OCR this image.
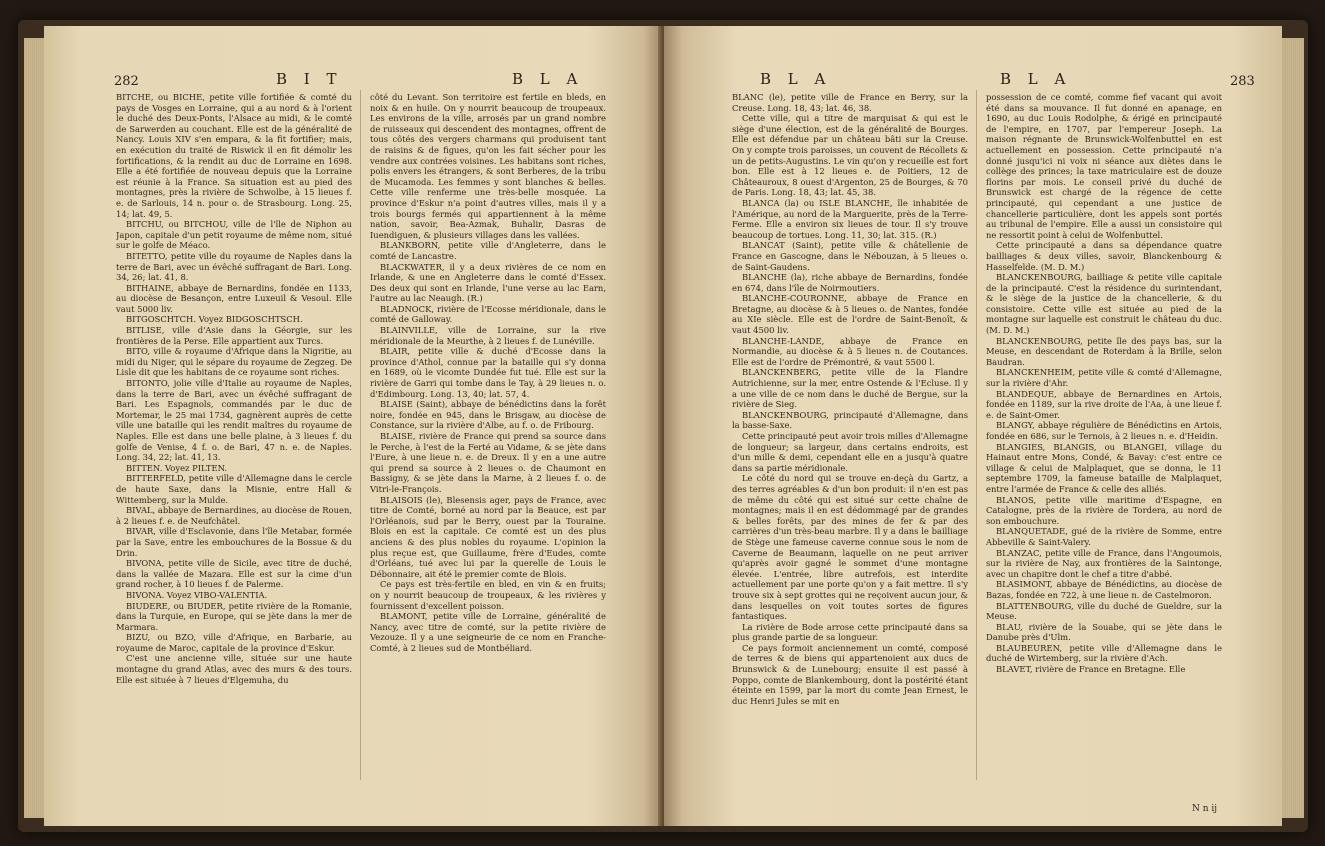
282	B I T	B L A

BITCHE, ou BICHE, petite ville fortifiée & comté du pays de Vosges en Lorraine, qui a au nord & à l'orient le duché des Deux-Ponts, l'Alsace au midi, & le comté de Sarwerden au couchant. Elle est de la généralité de Nancy. Louis XIV s'en empara, & la fit fortifier; mais, en exécution du traité de Riswick il en fit démolir les fortifications, & la rendit au duc de Lorraine en 1698. Elle a été fortifiée de nouveau depuis que la Lorraine est réunie à la France. Sa situation est au pied des montagnes, près la rivière de Schwolbe, à 15 lieues f. e. de Sarlouis, 14 n. pour o. de Strasbourg. Long. 25, 14; lat. 49, 5.

BITCHU, ou BITCHOU, ville de l'île de Niphon au Japon, capitale d'un petit royaume de même nom, situé sur le golfe de Méaco.

BITETTO, petite ville du royaume de Naples dans la terre de Bari, avec un évêché suffragant de Bari. Long. 34, 26; lat. 41, 8.

BITHAINE, abbaye de Bernardins, fondée en 1133, au diocèse de Besançon, entre Luxeuil & Vesoul. Elle vaut 5000 liv.

BITGOSCHTCH. Voyez BIDGOSCHTSCH.

BITLISE, ville d'Asie dans la Géorgie, sur les frontières de la Perse. Elle appartient aux Turcs.

BITO, ville & royaume d'Afrique dans la Nigritie, au midi du Niger, qui le sépare du royaume de Zegzeg. De Lisle dit que les habitans de ce royaume sont riches.

BITONTO, jolie ville d'Italie au royaume de Naples, dans la terre de Bari, avec un évêché suffragant de Bari. Les Espagnols, commandés par le duc de Mortemar, le 25 mai 1734, gagnèrent auprès de cette ville une bataille qui les rendit maîtres du royaume de Naples. Elle est dans une belle plaine, à 3 lieues f. du golfe de Venise, 4 f. o. de Bari, 47 n. e. de Naples. Long. 34, 22; lat. 41, 13.

BITTEN. Voyez PILTEN.

BITTERFELD, petite ville d'Allemagne dans le cercle de haute Saxe, dans la Misnie, entre Hall & Wittemberg, sur la Mulde.

BIVAL, abbaye de Bernardines, au diocèse de Rouen, à 2 lieues f. e. de Neufchâtel.

BIVAR, ville d'Esclavonie, dans l'île Metabar, formée par la Save, entre les embouchures de la Bossue & du Drin.

BIVONA, petite ville de Sicile, avec titre de duché, dans la vallée de Mazara. Elle est sur la cime d'un grand rocher, à 10 lieues f. de Palerme.

BIVONA. Voyez VIBO-VALENTIA.

BIUDERE, ou BIUDER, petite rivière de la Romanie, dans la Turquie, en Europe, qui se jète dans la mer de Marmara.

BIZU, ou BZO, ville d'Afrique, en Barbarie, au royaume de Maroc, capitale de la province d'Eskur.

C'est une ancienne ville, située sur une haute montagne du grand Atlas, avec des murs & des tours. Elle est située à 7 lieues d'Elgemuha, du

côté du Levant. Son territoire est fertile en bleds, en noix & en huile. On y nourrit beaucoup de troupeaux. Les environs de la ville, arrosés par un grand nombre de ruisseaux qui descendent des montagnes, offrent de tous côtés des vergers charmans qui produisent tant de raisins & de figues, qu'on les fait sécher pour les vendre aux contrées voisines. Les habitans sont riches, polis envers les étrangers, & sont Berberes, de la tribu de Mucamoda. Les femmes y sont blanches & belles. Cette ville renferme une très-belle mosquée. La province d'Eskur n'a point d'autres villes, mais il y a trois bourgs fermés qui appartiennent à la même nation, savoir, Bea-Azmak, Buhalir, Dasras de Iuendiguen, & plusieurs villages dans les vallées.

BLANKBORN, petite ville d'Angleterre, dans le comté de Lancastre.

BLACKWATER, il y a deux rivières de ce nom en Irlande, & une en Angleterre dans le comté d'Essex. Des deux qui sont en Irlande, l'une verse au lac Earn, l'autre au lac Neaugh. (R.)

BLADNOCK, rivière de l'Ecosse méridionale, dans le comté de Galloway.

BLAINVILLE, ville de Lorraine, sur la rive méridionale de la Meurthe, à 2 lieues f. de Lunéville.

BLAIR, petite ville & duché d'Ecosse dans la province d'Athol, connue par la bataille qui s'y donna en 1689, où le vicomte Dundée fut tué. Elle est sur la rivière de Garri qui tombe dans le Tay, à 29 lieues n. o. d'Edimbourg. Long. 13, 40; lat. 57, 4.

BLAISE (Saint), abbaye de bénédictins dans la forêt noire, fondée en 945, dans le Brisgaw, au diocèse de Constance, sur la rivière d'Albe, au f. o. de Fribourg.

BLAISE, rivière de France qui prend sa source dans le Perche, à l'est de la Ferté au Vidame, & se jète dans l'Eure, à une lieue n. e. de Dreux. Il y en a une autre qui prend sa source à 2 lieues o. de Chaumont en Bassigny, & se jète dans la Marne, à 2 lieues f. o. de Vitri-le-François.

BLAISOIS (le), Blesensis ager, pays de France, avec titre de Comté, borné au nord par la Beauce, est par l'Orléanois, sud par le Berry, ouest par la Touraine. Blois en est la capitale. Ce comté est un des plus anciens & des plus nobles du royaume. L'opinion la plus reçue est, que Guillaume, frère d'Eudes, comte d'Orléans, tué avec lui par la querelle de Louis le Débonnaire, ait été le premier comte de Blois.

Ce pays est très-fertile en bled, en vin & en fruits; on y nourrit beaucoup de troupeaux, & les rivières y fournissent d'excellent poisson.

BLAMONT, petite ville de Lorraine, généralité de Nancy, avec titre de comté, sur la petite rivière de Vezouze. Il y a une seigneurie de ce nom en Franche-Comté, à 2 lieues sud de Montbéliard.

B L A	B L A	283

BLANC (le), petite ville de France en Berry, sur la Creuse. Long. 18, 43; lat. 46, 38.

Cette ville, qui a titre de marquisat & qui est le siège d'une élection, est de la généralité de Bourges. Elle est défendue par un château bâti sur la Creuse. On y compte trois paroisses, un couvent de Récollets & un de petits-Augustins. Le vin qu'on y recueille est fort bon. Elle est à 12 lieues e. de Poitiers, 12 de Châteauroux, 8 ouest d'Argenton, 25 de Bourges, & 70 de Paris. Long. 18, 43; lat. 45, 38.

BLANCA (la) ou ISLE BLANCHE, île inhabitée de l'Amérique, au nord de la Marguerite, près de la Terre-Ferme. Elle a environ six lieues de tour. Il s'y trouve beaucoup de tortues. Long. 11, 30; lat. 315. (R.)

BLANCAT (Saint), petite ville & châtellenie de France en Gascogne, dans le Nébouzan, à 5 lieues o. de Saint-Gaudens.

BLANCHE (la), riche abbaye de Bernardins, fondée en 674, dans l'île de Noirmoutiers.

BLANCHE-COURONNE, abbaye de France en Bretagne, au diocèse & à 5 lieues o. de Nantes, fondée au XIe siècle. Elle est de l'ordre de Saint-Benoît, & vaut 4500 liv.

BLANCHE-LANDE, abbaye de France en Normandie, au diocèse & à 5 lieues n. de Coutances. Elle est de l'ordre de Prémontré, & vaut 5500 l.

BLANCKENBERG, petite ville de la Flandre Autrichienne, sur la mer, entre Ostende & l'Ecluse. Il y a une ville de ce nom dans le duché de Bergue, sur la rivière de Sieg.

BLANCKENBOURG, principauté d'Allemagne, dans la basse-Saxe.

Cette principauté peut avoir trois milles d'Allemagne de longueur; sa largeur, dans certains endroits, est d'un mille & demi, cependant elle en a jusqu'à quatre dans sa partie méridionale.

Le côté du nord qui se trouve en-deçà du Gartz, a des terres agréables & d'un bon produit: il n'en est pas de même du côté qui est situé sur cette chaîne de montagnes; mais il en est dédommagé par de grandes & belles forêts, par des mines de fer & par des carrières d'un très-beau marbre. Il y a dans le bailliage de Stège une fameuse caverne connue sous le nom de Caverne de Beaumann, laquelle on ne peut arriver qu'après avoir gagné le sommet d'une montagne élevée. L'entrée, libre autrefois, est interdite actuellement par une porte qu'on y a fait mettre. Il s'y trouve six à sept grottes qui ne reçoivent aucun jour, & dans lesquelles on voit toutes sortes de figures fantastiques.

La rivière de Bode arrose cette principauté dans sa plus grande partie de sa longueur.

Ce pays formoit anciennement un comté, composé de terres & de biens qui appartenoient aux ducs de Brunswick & de Lunebourg; ensuite il est passé à Poppo, comte de Blankembourg, dont la postérité étant éteinte en 1599, par la mort du comte Jean Ernest, le duc Henri Jules se mit en

possession de ce comté, comme fief vacant qui avoit été dans sa mouvance. Il fut donné en apanage, en 1690, au duc Louis Rodolphe, & érigé en principauté de l'empire, en 1707, par l'empereur Joseph. La maison régnante de Brunswick-Wolfenbuttel en est actuellement en possession. Cette principauté n'a donné jusqu'ici ni voix ni séance aux diètes dans le collège des princes; la taxe matriculaire est de douze florins par mois. Le conseil privé du duché de Brunswick est chargé de la régence de cette principauté, qui cependant a une justice de chancellerie particulière, dont les appels sont portés au tribunal de l'empire. Elle a aussi un consistoire qui ne ressortit point à celui de Wolfenbuttel.

Cette principauté a dans sa dépendance quatre bailliages & deux villes, savoir, Blanckenbourg & Hasselfelde. (M. D. M.)

BLANCKENBOURG, bailliage & petite ville capitale de la principauté. C'est la résidence du surintendant, & le siège de la justice de la chancellerie, & du consistoire. Cette ville est située au pied de la montagne sur laquelle est construit le château du duc. (M. D. M.)

BLANCKENBOURG, petite île des pays bas, sur la Meuse, en descendant de Roterdam à la Brille, selon Baudran.

BLANCKENHEIM, petite ville & comté d'Allemagne, sur la rivière d'Ahr.

BLANDEQUE, abbaye de Bernardines en Artois, fondée en 1189, sur la rive droite de l'Aa, à une lieue f. e. de Saint-Omer.

BLANGY, abbaye régulière de Bénédictins en Artois, fondée en 686, sur le Ternois, à 2 lieues n. e. d'Heidin.

BLANGIES, BLANGIS, ou BLANGEI, village du Hainaut entre Mons, Condé, & Bavay: c'est entre ce village & celui de Malplaquet, que se donna, le 11 septembre 1709, la fameuse bataille de Malplaquet, entre l'armée de France & celle des alliés.

BLANOS, petite ville maritime d'Espagne, en Catalogne, près de la rivière de Tordera, au nord de son embouchure.

BLANQUETADE, gué de la rivière de Somme, entre Abbeville & Saint-Valery.

BLANZAC, petite ville de France, dans l'Angoumois, sur la rivière de Nay, aux frontières de la Saintonge, avec un chapitre dont le chef a titre d'abbé.

BLASIMONT, abbaye de Bénédictins, au diocèse de Bazas, fondée en 722, à une lieue n. de Castelmoron.

BLATTENBOURG, ville du duché de Gueldre, sur la Meuse.

BLAU, rivière de la Souabe, qui se jète dans le Danube près d'Ulm.

BLAUBEUREN, petite ville d'Allemagne dans le duché de Wirtemberg, sur la rivière d'Ach.

BLAVET, rivière de France en Bretagne. Elle

N n ij
